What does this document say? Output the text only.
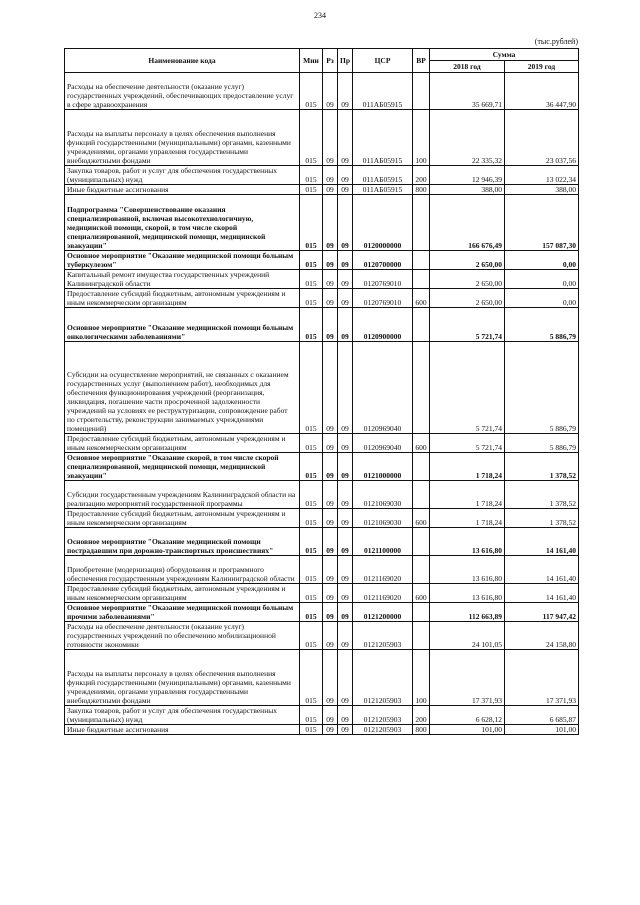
234
(тыс.рублей)
Наименование кода	Мин	Рз	Пр	ЦСР	ВР	Сумма	
						2018 год	2019 год
Расходы на обеспечение деятельности (оказание услуг) государственных учреждений, обеспечивающих предоставление услуг в сфере здравоохранения	015	09	09	011АБ05915		35 669,71	36 447,90
Расходы на выплаты персоналу в целях обеспечения выполнения функций государственными (муниципальными) органами, казенными учреждениями, органами управления государственными внебюджетными фондами	015	09	09	011АБ05915	100	22 335,32	23 037,56
Закупка товаров, работ и услуг для обеспечения государственных (муниципальных) нужд	015	09	09	011АБ05915	200	12 946,39	13 022,34
Иные бюджетные ассигнования	015	09	09	011АБ05915	800	388,00	388,00
Подпрограмма "Совершенствование оказания специализированной, включая высокотехнологичную, медицинской помощи, скорой, в том числе скорой специализированной, медицинской помощи, медицинской эвакуации"	015	09	09	0120000000		166 676,49	157 087,30
Основное мероприятие "Оказание медицинской помощи больным туберкулезом"	015	09	09	0120700000		2 650,00	0,00
Капитальный ремонт имущества государственных учреждений Калининградской области	015	09	09	0120769010		2 650,00	0,00
Предоставление субсидий бюджетным, автономным учреждениям и иным некоммерческим организациям	015	09	09	0120769010	600	2 650,00	0,00
Основное мероприятие "Оказание медицинской помощи больным онкологическими заболеваниями"	015	09	09	0120900000		5 721,74	5 886,79
Субсидии на осуществление мероприятий, не связанных с оказанием государственных услуг (выполнением работ), необходимых для обеспечения функционирования учреждений (реорганизация, ликвидация, погашение части просроченной задолженности учреждений на условиях ее реструктуризации, сопровождение работ по строительству, реконструкции занимаемых учреждениями помещений)	015	09	09	0120969040		5 721,74	5 886,79
Предоставление субсидий бюджетным, автономным учреждениям и иным некоммерческим организациям	015	09	09	0120969040	600	5 721,74	5 886,79
Основное мероприятие "Оказание скорой, в том числе скорой специализированной, медицинской помощи, медицинской эвакуации"	015	09	09	0121000000		1 718,24	1 378,52
Субсидии государственным учреждениям Калининградской области на реализацию мероприятий государственной программы	015	09	09	0121069030		1 718,24	1 378,52
Предоставление субсидий бюджетным, автономным учреждениям и иным некоммерческим организациям	015	09	09	0121069030	600	1 718,24	1 378,52
Основное мероприятие "Оказание медицинской помощи пострадавшим при дорожно-транспортных происшествиях"	015	09	09	0121100000		13 616,80	14 161,40
Приобретение (модернизация) оборудования и программного обеспечения государственным учреждениям Калининградской области	015	09	09	0121169020		13 616,80	14 161,40
Предоставление субсидий бюджетным, автономным учреждениям и иным некоммерческим организациям	015	09	09	0121169020	600	13 616,80	14 161,40
Основное мероприятие "Оказание медицинской помощи больным прочими заболеваниями"	015	09	09	0121200000		112 663,89	117 947,42
Расходы на обеспечение деятельности (оказание услуг) государственных учреждений по обеспечению мобилизационной готовности экономики	015	09	09	0121205903		24 101,05	24 158,80
Расходы на выплаты персоналу в целях обеспечения выполнения функций государственными (муниципальными) органами, казенными учреждениями, органами управления государственными внебюджетными фондами	015	09	09	0121205903	100	17 371,93	17 371,93
Закупка товаров, работ и услуг для обеспечения государственных (муниципальных) нужд	015	09	09	0121205903	200	6 628,12	6 685,87
Иные бюджетные ассигнования	015	09	09	0121205903	800	101,00	101,00
